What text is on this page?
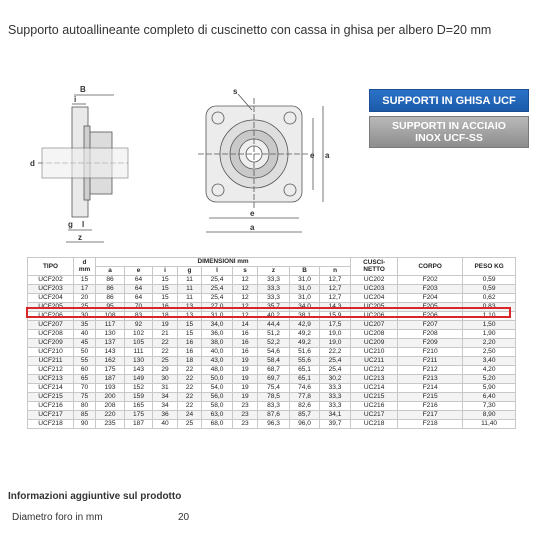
Supporto autoallineante completo di cuscinetto con cassa in ghisa per albero D=20 mm
B
i
s
d
e a
e
a
g l
z
SUPPORTI IN GHISA UCF
SUPPORTI IN ACCIAIO
INOX UCF-SS
TIPO	d
mm	DIMENSIONI mm									CUSCI-
NETTO	CORPO	PESO KG
		a	e	i	g	l	s	z	B	n			
UCF202	15	86	64	15	11	25,4	12	33,3	31,0	12,7	UC202	F202	0,59
UCF203	17	86	64	15	11	25,4	12	33,3	31,0	12,7	UC203	F203	0,59
UCF204	20	86	64	15	11	25,4	12	33,3	31,0	12,7	UC204	F204	0,62
UCF205	25	95	70	16	13	27,0	12	35,7	34,0	14,3	UC205	F205	0,83
UCF206	30	108	83	18	13	31,0	12	40,2	38,1	15,9	UC206	F206	1,10
UCF207	35	117	92	19	15	34,0	14	44,4	42,9	17,5	UC207	F207	1,50
UCF208	40	130	102	21	15	36,0	16	51,2	49,2	19,0	UC208	F208	1,90
UCF209	45	137	105	22	16	38,0	16	52,2	49,2	19,0	UC209	F209	2,20
UCF210	50	143	111	22	16	40,0	16	54,6	51,6	22,2	UC210	F210	2,50
UCF211	55	162	130	25	18	43,0	19	58,4	55,6	25,4	UC211	F211	3,40
UCF212	60	175	143	29	22	48,0	19	68,7	65,1	25,4	UC212	F212	4,20
UCF213	65	187	149	30	22	50,0	19	69,7	65,1	30,2	UC213	F213	5,20
UCF214	70	193	152	31	22	54,0	19	75,4	74,6	33,3	UC214	F214	5,90
UCF215	75	200	159	34	22	56,0	19	78,5	77,8	33,3	UC215	F215	6,40
UCF216	80	208	165	34	22	58,0	23	83,3	82,6	33,3	UC216	F216	7,30
UCF217	85	220	175	36	24	63,0	23	87,6	85,7	34,1	UC217	F217	8,90
UCF218	90	235	187	40	25	68,0	23	96,3	96,0	39,7	UC218	F218	11,40
Informazioni aggiuntive sul prodotto
Diametro foro in mm	20
